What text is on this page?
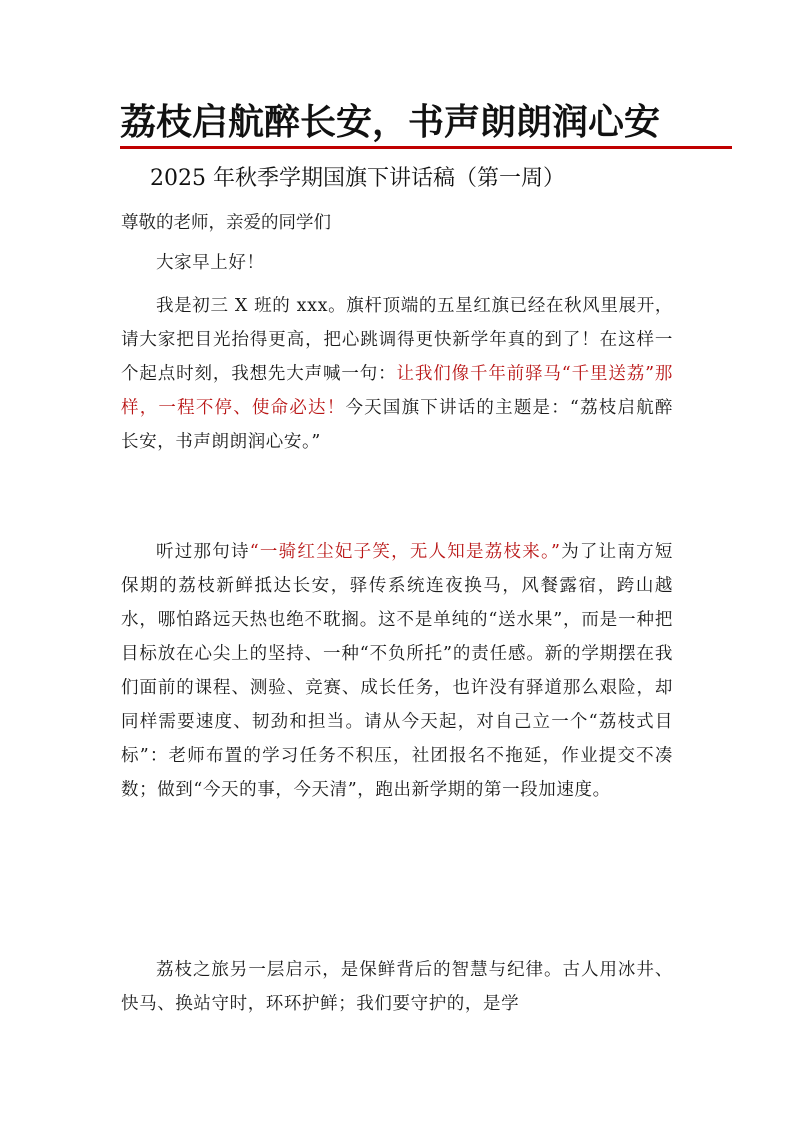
荔枝启航醉长安，书声朗朗润心安
2025 年秋季学期国旗下讲话稿（第一周）
尊敬的老师，亲爱的同学们
大家早上好！
我是初三 X 班的 xxx。旗杆顶端的五星红旗已经在秋风里展开，请大家把目光抬得更高，把心跳调得更快新学年真的到了！在这样一个起点时刻，我想先大声喊一句：让我们像千年前驿马“千里送荔”那样，一程不停、使命必达！今天国旗下讲话的主题是：“荔枝启航醉长安，书声朗朗润心安。”
听过那句诗“一骑红尘妃子笑，无人知是荔枝来。”为了让南方短保期的荔枝新鲜抵达长安，驿传系统连夜换马，风餐露宿，跨山越水，哪怕路远天热也绝不耽搁。这不是单纯的“送水果”，而是一种把目标放在心尖上的坚持、一种“不负所托”的责任感。新的学期摆在我们面前的课程、测验、竞赛、成长任务，也许没有驿道那么艰险，却同样需要速度、韧劲和担当。请从今天起，对自己立一个“荔枝式目标”：老师布置的学习任务不积压，社团报名不拖延，作业提交不凑数；做到“今天的事，今天清”，跑出新学期的第一段加速度。
荔枝之旅另一层启示，是保鲜背后的智慧与纪律。古人用冰井、快马、换站守时，环环护鲜；我们要守护的，是学
